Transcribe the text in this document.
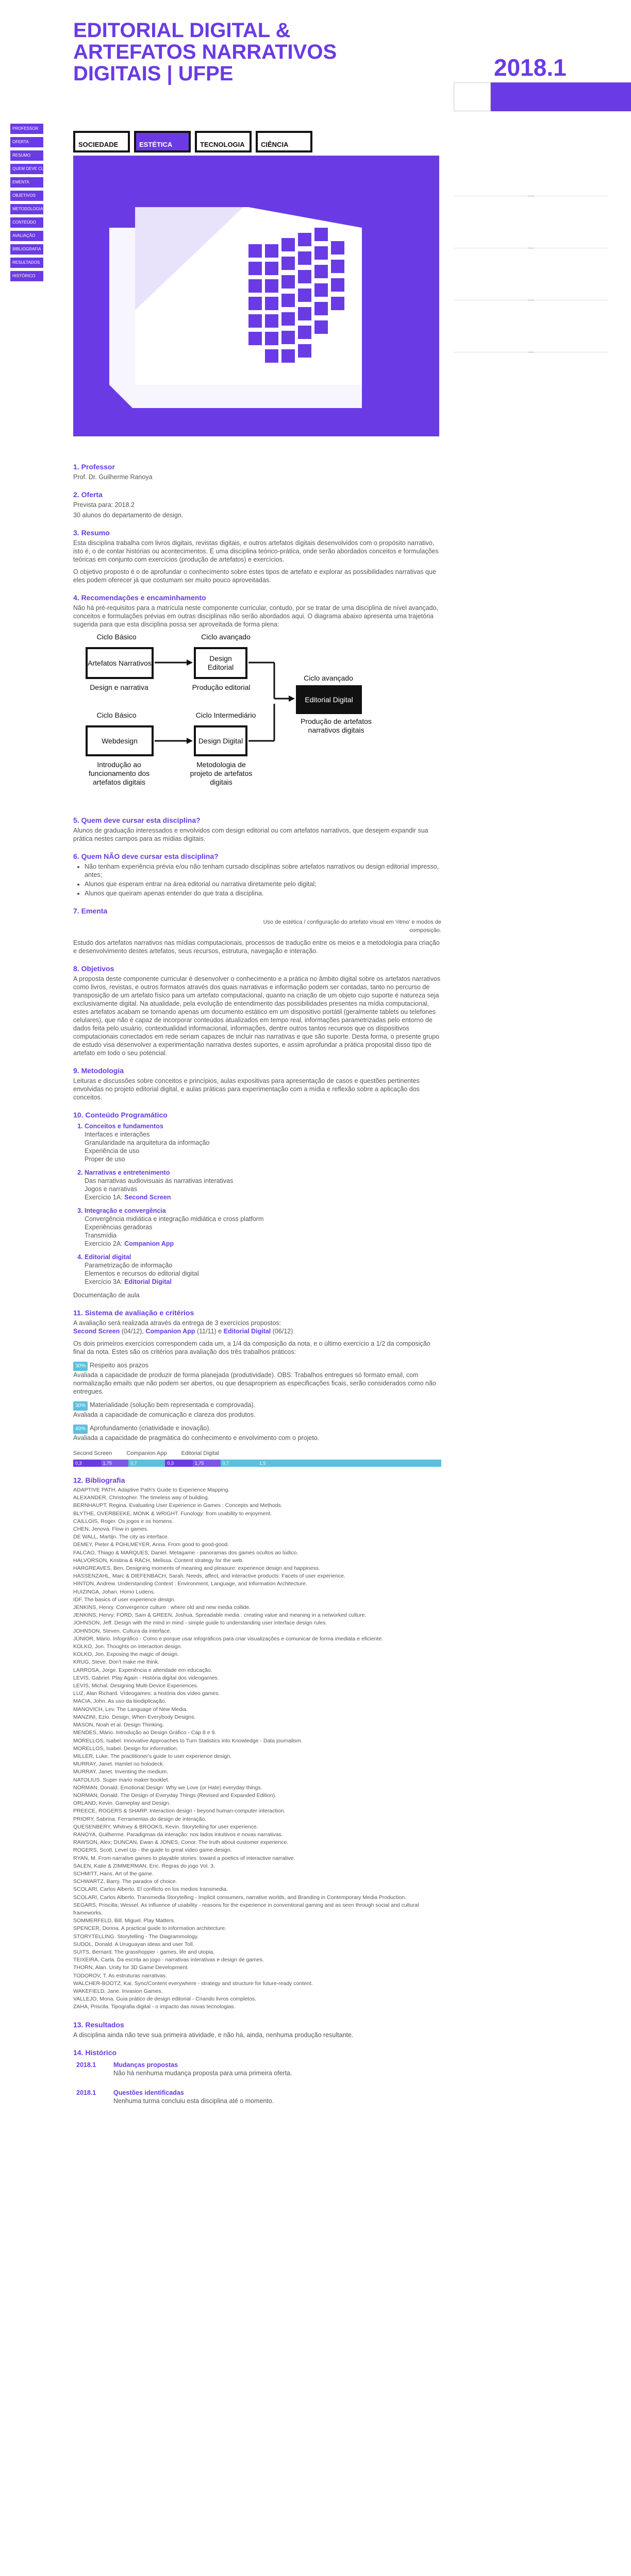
EDITORIAL DIGITAL & ARTEFATOS NARRATIVOS DIGITAIS | UFPE	2018.1
PROFESSOR
OFERTA
RESUMO
QUEM DEVE CURSAR
EMENTA
OBJETIVOS
METODOLOGIA
CONTEÚDO
AVALIAÇÃO
BIBLIOGRAFIA
RESULTADOS
HISTÓRICO
SOCIEDADE	ESTÉTICA	TECNOLOGIA	CIÊNCIA
1. Professor

Prof. Dr. Guilherme Ranoya

2. Oferta

Prevista para: 2018.2

30 alunos do departamento de design.

3. Resumo

Esta disciplina trabalha com livros digitais, revistas digitais, e outros artefatos digitais desenvolvidos com o propósito narrativo, isto é, o de contar histórias ou acontecimentos. É uma disciplina teórico-prática, onde serão abordados conceitos e formulações teóricas em conjunto com exercícios (produção de artefatos) e exercícios.

O objetivo proposto é o de aprofundar o conhecimento sobre estes tipos de artefato e explorar as possibilidades narrativas que eles podem oferecer já que costumam ser muito pouco aproveitadas.

4. Recomendações e encaminhamento

Não há pré-requisitos para a matrícula neste componente curricular, contudo, por se tratar de uma disciplina de nível avançado, conceitos e formulações prévias em outras disciplinas não serão abordados aqui. O diagrama abaixo apresenta uma trajetória sugerida para que esta disciplina possa ser aproveitada de forma plena:

Ciclo Básico	Ciclo avançado
Artefatos Narrativos
Design Editorial
Design e narrativa	Produção editorial
Ciclo avançado
Editorial Digital
Produção de artefatos narrativos digitais
Ciclo Básico	Ciclo Intermediário
Webdesign	Design Digital
Introdução ao funcionamento dos artefatos digitais
Metodologia de projeto de artefatos digitais
5. Quem deve cursar esta disciplina?

Alunos de graduação interessados e envolvidos com design editorial ou com artefatos narrativos, que desejem expandir sua prática nestes campos para as mídias digitais.

6. Quem NÃO deve cursar esta disciplina?
• Não tenham experiência prévia e/ou não tenham cursado disciplinas sobre artefatos narrativos ou design editorial impresso, antes;
• Alunos que esperam entrar na área editorial ou narrativa diretamente pelo digital;
• Alunos que queiram apenas entender do que trata a disciplina.
7. Ementa

Uso de estética / configuração do artefato visual em 'ritmo' e modos de composição.

Estudo dos artefatos narrativos nas mídias computacionais, processos de tradução entre os meios e a metodologia para criação e desenvolvimento destes artefatos, seus recursos, estrutura, navegação e interação.

8. Objetivos

A proposta deste componente curricular é desenvolver o conhecimento e a prática no âmbito digital sobre os artefatos narrativos como livros, revistas, e outros formatos através dos quais narrativas e informação podem ser contadas, tanto no percurso de transposição de um artefato físico para um artefato computacional, quanto na criação de um objeto cujo suporte é natureza seja exclusivamente digital. Na atualidade, pela evolução de entendimento das possibilidades presentes na mídia computacional, estes artefatos acabam se tornando apenas um documento estático em um dispositivo portátil (geralmente tablets ou telefones celulares), que não é capaz de incorporar conteúdos atualizados em tempo real, informações parametrizadas pelo entorno de dados feita pelo usuário, contextualidad informacional, informações, dentre outros tantos recursos que os dispositivos computacionais conectados em rede seriam capazes de incluir nas narrativas e que são suporte. Desta forma, o presente grupo de estudo visa desenvolver a experimentação narrativa destes suportes, e assim aprofundar a prática proposital disso tipo de artefato em todo o seu potencial.

9. Metodologia

Leituras e discussões sobre conceitos e princípios, aulas expositivas para apresentação de casos e questões pertinentes envolvidas no projeto editorial digital, e aulas práticas para experimentação com a mídia e reflexão sobre a aplicação dos conceitos.

10. Conteúdo Programático
1. Conceitos e fundamentos
Interfaces e interações
Granularidade na arquitetura da informação
Experiência de uso
Proper de uso
2. Narrativas e entretenimento
Das narrativas audiovisuais às narrativas interativas
Jogos e narrativas
Exercício 1A: Second Screen
3. Integração e convergência
Convergência midiática e integração midiática e cross platform
Experiências geradoras
Transmídia
Exercício 2A: Companion App
4. Editorial digital
Parametrização de informação
Elementos e recursos do editorial digital
Exercício 3A: Editorial Digital

Documentação de aula

11. Sistema de avaliação e critérios

A avaliação será realizada através da entrega de 3 exercícios propostos:
Second Screen (04/12), Companion App (11/11) e Editorial Digital (06/12)

Os dois primeiros exercícios correspondem cada um, a 1/4 da composição da nota, e o último exercício a 1/2 da composição final da nota. Estes são os critérios para avaliação dos três trabalhos práticos:

30% Respeito aos prazos

Avaliada a capacidade de produzir de forma planejada (produtividade). OBS: Trabalhos entregues só formato email, com normalização emails que não podem ser abertos, ou que desapropriem as especificações ficais, serão considerados como não entregues.

30% Materialidade (solução bem representada e comprovada).

Avaliada a capacidade de comunicação e clareza dos produtos.

40% Aprofundamento (criatividade e inovação).

Avaliada a capacidade de pragmática do conhecimento e envolvimento com o projeto.

Second Screen	Companion App	Editorial Digital
0,3	1,75	0,7	0,3	1,75	0,7	1,5
12. Bibliografia

ADAPTIVE PATH. Adaptive Path's Guide to Experience Mapping.

ALEXANDER, Christopher. The timeless way of building.

BERNHAUPT, Regina. Evaluating User Experience in Games : Concepts and Methods.

BLYTHE, OVERBEEKE, MONK & WRIGHT. Funology: from usability to enjoyment.

CAILLOIS, Roger. Os jogos e os homens.

CHEN, Jenova. Flow in games.

DE WALL, Martijn. The city as interface.

DEMEY, Pieter & POHLMEYER, Anna. From good to good-good.

FALCAO, Thiago & MARQUES, Daniel. Metagame - panoramas dos games ocultos ao lúdico.

HALVORSON, Kristina & RACH, Melissa. Content strategy for the web.

HARGREAVES, Ben. Designing moments of meaning and pleasure: experience design and happiness.

HASSENZAHL, Marc & DIEFENBACH, Sarah. Needs, affect, and interactive products: Facets of user experience.

HINTON, Andrew. Understanding Context : Environment, Language, and Information Architecture.

HUIZINGA, Johan. Homo Ludens.

IDF. The basics of user experience design.

JENKINS, Henry. Convergence culture : where old and new media collide.

JENKINS, Henry; FORD, Sam & GREEN, Joshua. Spreadable media : creating value and meaning in a networked culture.

JOHNSON, Jeff. Design with the mind in mind - simple guide to understanding user interface design rules.

JOHNSON, Steven. Cultura da interface.

JÚNIOR, Mário. Infográfico - Como e porque usar infográficos para criar visualizações e comunicar de forma imediata e eficiente.

KOLKO, Jon. Thoughts on interaction design.

KOLKO, Jon. Exposing the magic of design.

KRUG, Steve. Don't make me think.

LARROSA, Jorge. Experiência e alteridade em educação.

LEVIS, Gabriel. Play Again - História digital dos videogames.

LEVIS, Michal. Designing Multi-Device Experiences.

LUZ, Alan Richard. Vídeogames: a história dos vídeo games.

MACIA, John. As uso da biodiplicação.

MANOVICH, Lev. The Language of New Media.

MANZINI, Ezio. Design, When Everybody Designs.

MASON, Noah et al. Design Thinking.

MENDES, Mário. Introdução ao Design Gráfico - Cap 8 e 9.

MORELLOS, Isabel. Innovative Approaches to Turn Statistics into Knowledge - Data journalism.

MORELLOS, Isabel. Design for information.

MILLER, Luke. The practitioner's guide to user experience design.

MURRAY, Janet. Hamlet no holodeck.

MURRAY, Janet. Inventing the medium.

NATOLIUS. Super mario maker booklet.

NORMAN, Donald. Emotional Design: Why we Love (or Hate) everyday things.

NORMAN, Donald. The Design of Everyday Things (Revised and Expanded Edition).

ORLAND, Kevin. Gameplay and Design.

PREECE, ROGERS & SHARP. Interaction design - beyond human-computer interaction.

PRIORY, Sabrina. Ferramentas do design de interação.

QUESENBERY, Whitney & BROOKS, Kevin. Storytelling for user experience.

RANOYA, Guilherme. Paradigmas da interação: nos lados intuitivos e novas narrativas.

RAWSON, Alex; DUNCAN, Ewan & JONES, Conor. The truth about customer experience.

ROGERS, Scott. Level Up - the guide to great video game design.

RYAN, M. From narrative games to playable stories: toward a poetics of interactive narrative.

SALEN, Katie & ZIMMERMAN, Eric. Regras do jogo Vol. 3.

SCHMITT, Hans. Art of the game.

SCHWARTZ, Barry. The paradox of choice.

SCOLARI, Carlos Alberto. El conflicto en los medios transmedia.

SCOLARI, Carlos Alberto. Transmedia Storytelling - Implicit consumers, narrative worlds, and Branding in Contemporary Media Production.

SEGARS, Priscilla; Wessel. As influence of usability - reasons for the experience in conventional gaming and as seen through social and cultural frameworks.

SOMMERFELD, Bill. Miguel. Play Matters.

SPENCER, Donna. A practical guide to information architecture.

STORYTELLING. Storytelling - The Diagrammology.

SUDOL, Donald. A Uruguayan ideas and user Toll.

SUITS, Bernard. The grasshopper - games, life and utopia.

TEIXEIRA, Carla. Da escrita ao jogo - narrativas interativas e design de games.

THORN, Alan. Unity for 3D Game Development.

TODOROV, T. As estruturas narrativas.

WALCHER-BOOTZ, Kai. Sync/Content everywhere - strategy and structure for future-ready content.

WAKEFIELD, Jane. Invasion Games.

VALLEJO, Mona. Guia prático de design editorial - Criando livros completos.

ZAHA, Priscila. Tipografia digital - o impacto das novas tecnologias.

13. Resultados

A disciplina ainda não teve sua primeira atividade, e não há, ainda, nenhuma produção resultante.

14. Histórico
2018.1	Mudanças propostas
Não há nenhuma mudança proposta para uma primeira oferta.
2018.1	Questões identificadas
Nenhuma turma concluiu esta disciplina até o momento.
